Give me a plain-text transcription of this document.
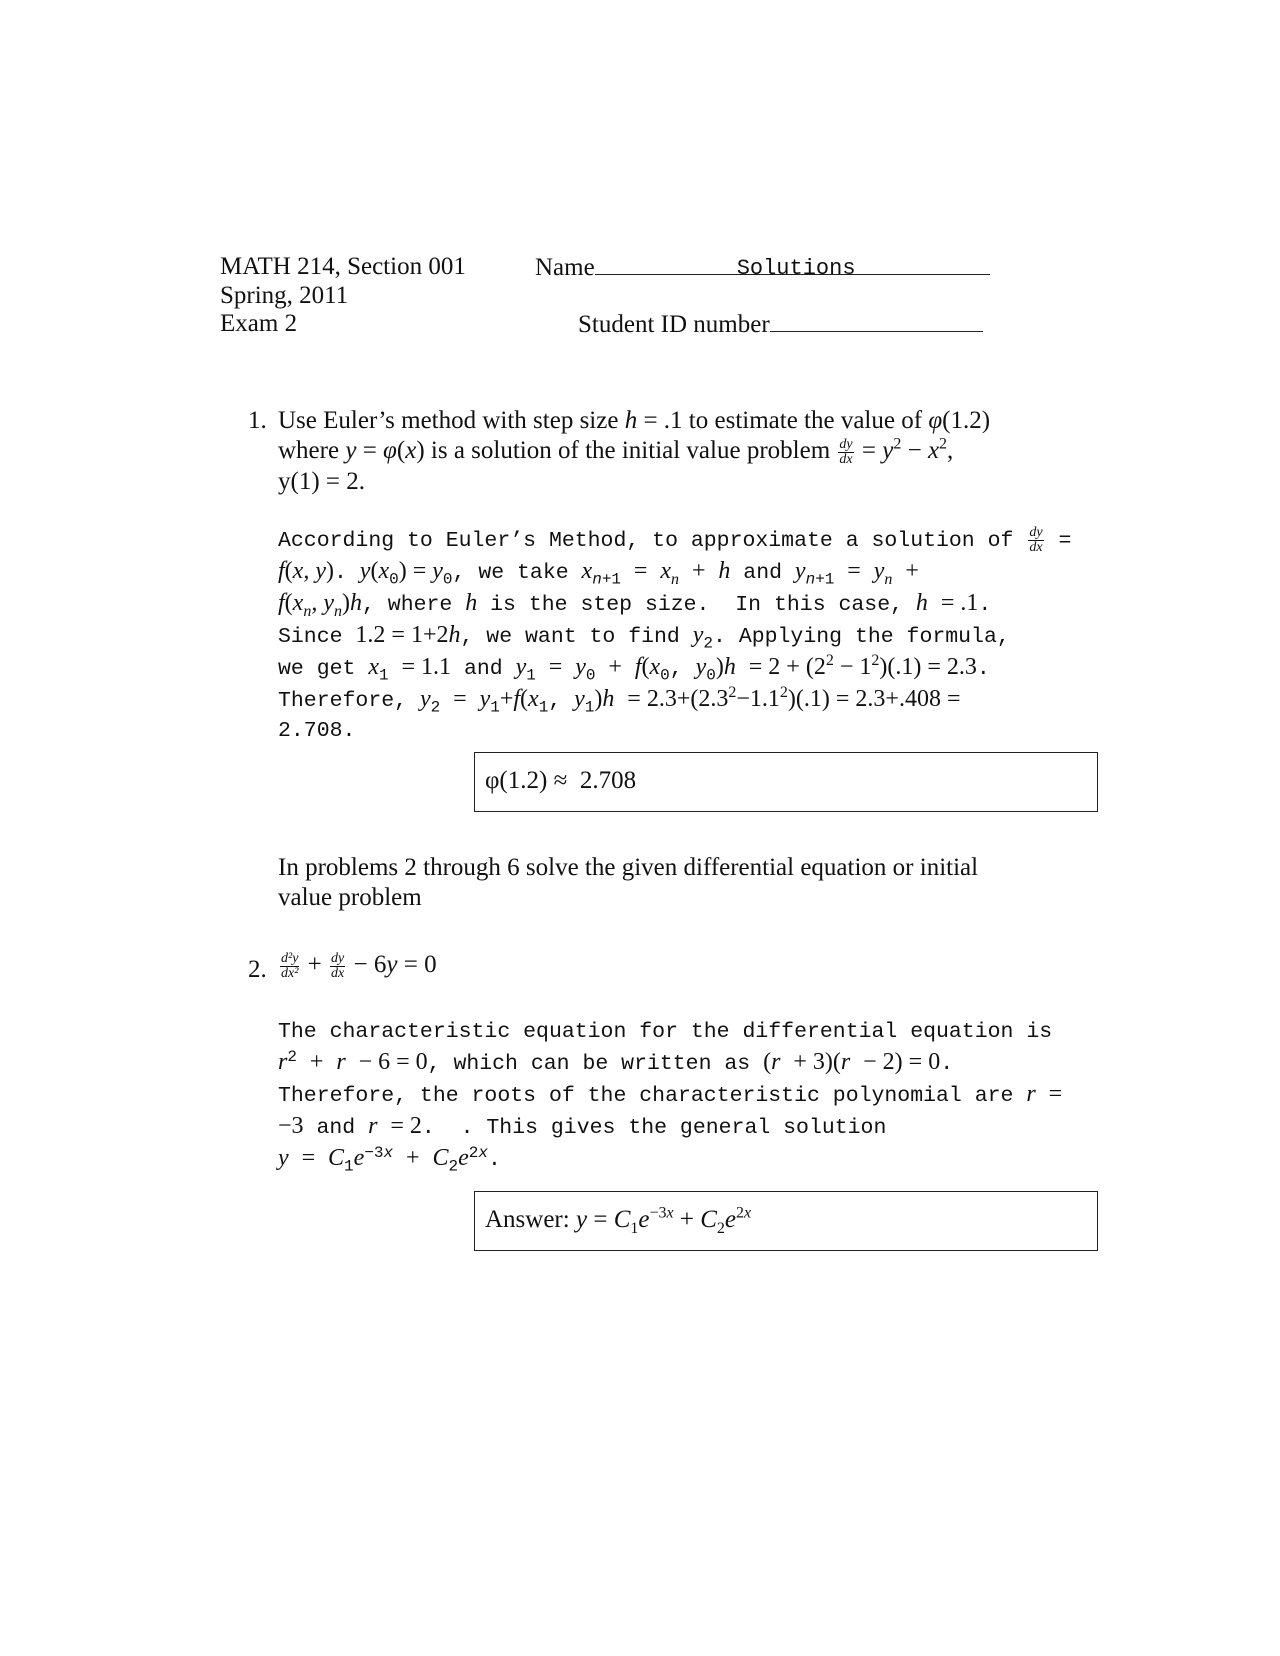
MATH 214, Section 001
Spring, 2011
Exam 2
Name	Solutions
Student ID number
1. Use Euler’s method with step size h = .1 to estimate the value of φ(1.2)
where y = φ(x) is a solution of the initial value problem $\frac{dy}{dx} = y^2 - x^2$,
y(1) = 2.
According to Euler’s Method, to approximate a solution of $\frac{dy}{dx}$ =
f(x, y). $y(x_0) = y_0$, we take $x_{n+1} = x_n + h$ and $y_{n+1} = y_n$ +
$f(x_n$, $y_n)h$, where h is the step size. In this case, h = .1.
Since 1.2 = 1+2h, we want to find $y_2$. Applying the formula,
we get $x_1 = 1.1$ and $y_1 = y_0 + f(x_0$, $y_0)h = 2 + (2^2 - 1^2)(.1) = 2.3$.
Therefore, $y_2 = y_1+f(x_1$, $y_1)h = 2.3+(2.3^2-1.1^2)(.1) = 2.3+.408$ =
2.708.
φ(1.2) ≈ 2.708
In problems 2 through 6 solve the given differential equation or initial
value problem
2. $\frac{\text{d²y}}{\text{dx²}} + \frac{dy}{dx} - 6y = 0$
The characteristic equation for the differential equation is
$r^2 + r - 6 = 0$, which can be written as (r + 3)(r − 2) = 0.
Therefore, the roots of the characteristic polynomial are r =
−3 and r = 2.  . This gives the general solution
$y = C_1e^{-3x} + C_2e^{2x}$.
Answer: $y = C_1e^{-3x} + C_2e^{2x}$
